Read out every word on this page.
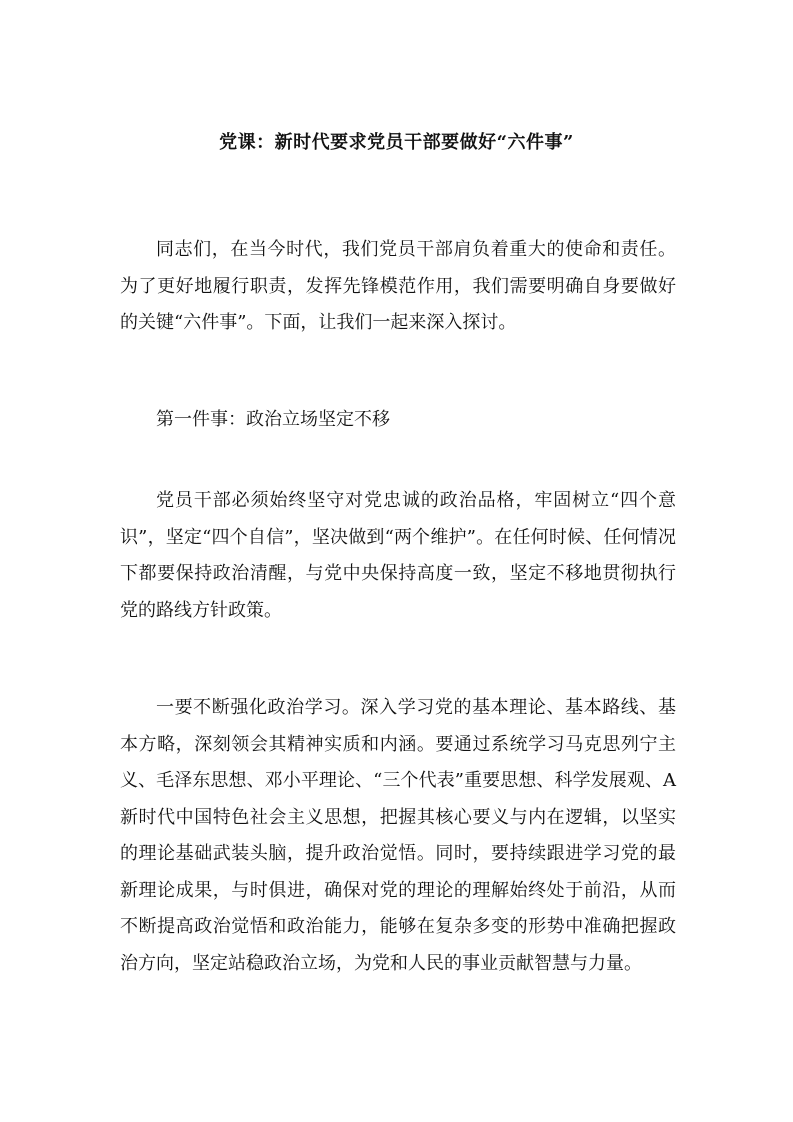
党课：新时代要求党员干部要做好“六件事”

同志们，在当今时代，我们党员干部肩负着重大的使命和责任。为了更好地履行职责，发挥先锋模范作用，我们需要明确自身要做好的关键“六件事”。下面，让我们一起来深入探讨。

第一件事：政治立场坚定不移

党员干部必须始终坚守对党忠诚的政治品格，牢固树立“四个意识”，坚定“四个自信”，坚决做到“两个维护”。在任何时候、任何情况下都要保持政治清醒，与党中央保持高度一致，坚定不移地贯彻执行党的路线方针政策。

一要不断强化政治学习。深入学习党的基本理论、基本路线、基本方略，深刻领会其精神实质和内涵。要通过系统学习马克思列宁主义、毛泽东思想、邓小平理论、“三个代表”重要思想、科学发展观、A新时代中国特色社会主义思想，把握其核心要义与内在逻辑，以坚实的理论基础武装头脑，提升政治觉悟。同时，要持续跟进学习党的最新理论成果，与时俱进，确保对党的理论的理解始终处于前沿，从而不断提高政治觉悟和政治能力，能够在复杂多变的形势中准确把握政治方向，坚定站稳政治立场，为党和人民的事业贡献智慧与力量。
